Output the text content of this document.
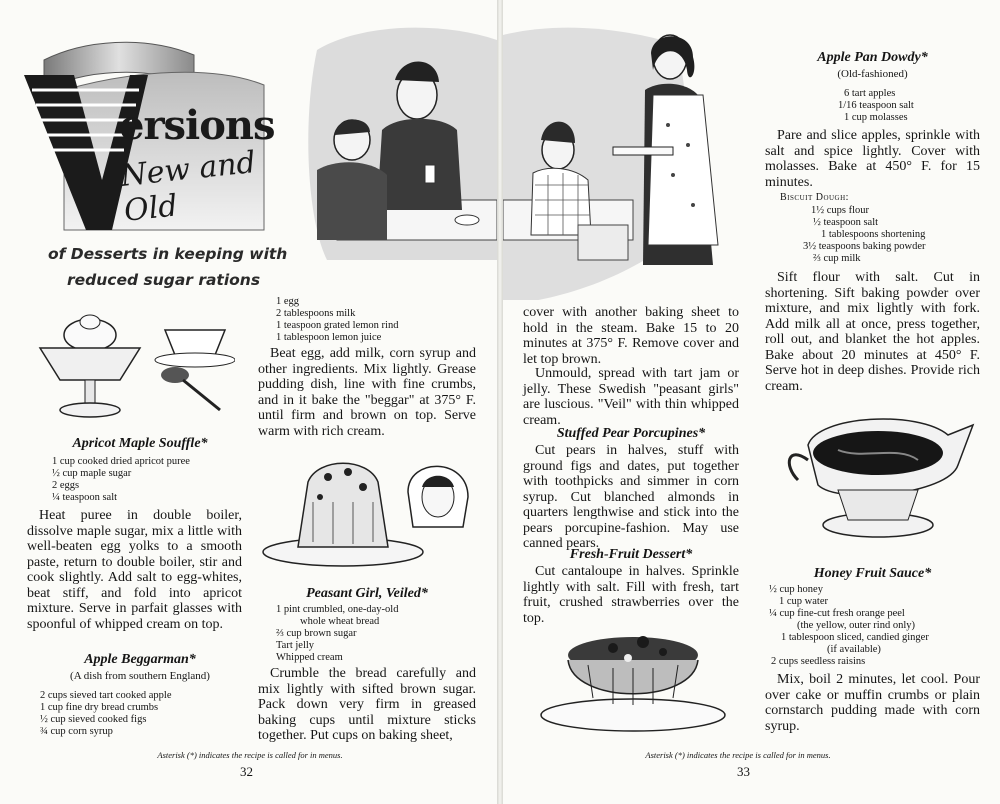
ersions
New and Old

of Desserts in keeping with

reduced sugar rations

Apricot Maple Souffle*

1 cup cooked dried apricot puree
½ cup maple sugar
2 eggs
¼ teaspoon salt

Heat puree in double boiler, dissolve maple sugar, mix a little with well-beaten egg yolks to a smooth paste, return to double boiler, stir and cook slightly. Add salt to egg-whites, beat stiff, and fold into apricot mixture. Serve in parfait glasses with spoonful of whipped cream on top.

Apple Beggarman*

(A dish from southern England)

2 cups sieved tart cooked apple
1 cup fine dry bread crumbs
½ cup sieved cooked figs
¾ cup corn syrup
1 egg
2 tablespoons milk
1 teaspoon grated lemon rind
1 tablespoon lemon juice

Beat egg, add milk, corn syrup and other ingredients. Mix lightly. Grease pudding dish, line with fine crumbs, and in it bake the "beggar" at 375° F. until firm and brown on top. Serve warm with rich cream.

Peasant Girl, Veiled*

1 pint crumbled, one-day-old
whole wheat bread
⅔ cup brown sugar
Tart jelly
Whipped cream

Crumble the bread carefully and mix lightly with sifted brown sugar. Pack down very firm in greased baking cups until mixture sticks together. Put cups on baking sheet,

Asterisk (*) indicates the recipe is called for in menus.

32

cover with another baking sheet to hold in the steam. Bake 15 to 20 minutes at 375° F. Remove cover and let top brown.

Unmould, spread with tart jam or jelly. These Swedish "peasant girls" are luscious. "Veil" with thin whipped cream.

Stuffed Pear Porcupines*

Cut pears in halves, stuff with ground figs and dates, put together with toothpicks and simmer in corn syrup. Cut blanched almonds in quarters lengthwise and stick into the pears porcupine-fashion. May use canned pears.

Fresh-Fruit Dessert*

Cut cantaloupe in halves. Sprinkle lightly with salt. Fill with fresh, tart fruit, crushed strawberries over the top.

Asterisk (*) indicates the recipe is called for in menus.

33

Apple Pan Dowdy*

(Old-fashioned)

6 tart apples
1/16 teaspoon salt
1 cup molasses

Pare and slice apples, sprinkle with salt and spice lightly. Cover with molasses. Bake at 450° F. for 15 minutes.

Biscuit Dough:

1½ cups flour
½ teaspoon salt
1 tablespoons shortening
3½ teaspoons baking powder
⅔ cup milk

Sift flour with salt. Cut in shortening. Sift baking powder over mixture, and mix lightly with fork. Add milk all at once, press together, roll out, and blanket the hot apples. Bake about 20 minutes at 450° F. Serve hot in deep dishes. Provide rich cream.

Honey Fruit Sauce*

½ cup honey
1 cup water
¼ cup fine-cut fresh orange peel
(the yellow, outer rind only)
1 tablespoon sliced, candied ginger
(if available)
2 cups seedless raisins

Mix, boil 2 minutes, let cool. Pour over cake or muffin crumbs or plain cornstarch pudding made with corn syrup.
